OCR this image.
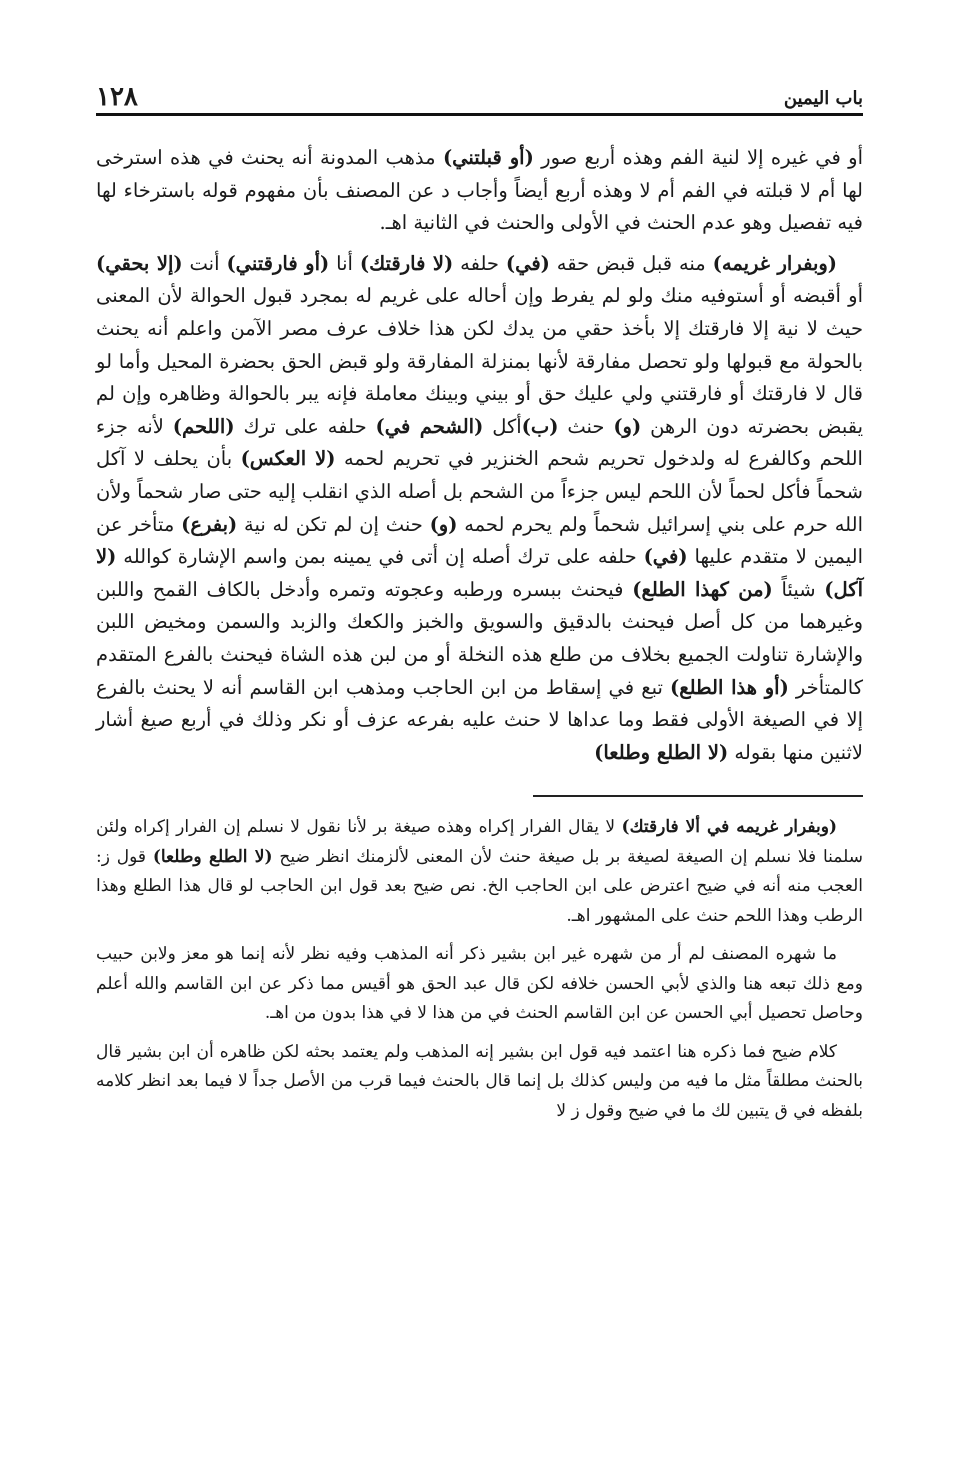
باب اليمين
١٢٨

أو في غيره إلا لنية الفم وهذه أربع صور (أو قبلتني) مذهب المدونة أنه يحنث في هذه استرخى لها أم لا قبلته في الفم أم لا وهذه أربع أيضاً وأجاب د عن المصنف بأن مفهوم قوله باسترخاء لها فيه تفصيل وهو عدم الحنث في الأولى والحنث في الثانية اهـ.

(وبفرار غريمه) منه قبل قبض حقه (في) حلفه (لا فارقتك) أنا (أو فارقتني) أنت (إلا بحقي) أو أقبضه أو أستوفيه منك ولو لم يفرط وإن أحاله على غريم له بمجرد قبول الحوالة لأن المعنى حيث لا نية إلا فارقتك إلا بأخذ حقي من يدك لكن هذا خلاف عرف مصر الآمن واعلم أنه يحنث بالحولة مع قبولها ولو تحصل مفارقة لأنها بمنزلة المفارقة ولو قبض الحق بحضرة المحيل وأما لو قال لا فارقتك أو فارقتني ولي عليك حق أو بيني وبينك معاملة فإنه يبر بالحوالة وظاهره وإن لم يقبض بحضرته دون الرهن (و) حنث (ب)أكل (الشحم في) حلفه على ترك (اللحم) لأنه جزء اللحم وكالفرع له ولدخول تحريم شحم الخنزير في تحريم لحمه (لا العكس) بأن يحلف لا آكل شحماً فأكل لحماً لأن اللحم ليس جزءاً من الشحم بل أصله الذي انقلب إليه حتى صار شحماً ولأن الله حرم على بني إسرائيل شحماً ولم يحرم لحمه (و) حنث إن لم تكن له نية (بفرع) متأخر عن اليمين لا متقدم عليها (في) حلفه على ترك أصله إن أتى في يمينه بمن واسم الإشارة كوالله (لا آكل) شيئاً (من كهذا الطلع) فيحنث ببسره ورطبه وعجوته وتمره وأدخل بالكاف القمح واللبن وغيرهما من كل أصل فيحنث بالدقيق والسويق والخبز والكعك والزبد والسمن ومخيض اللبن والإشارة تناولت الجميع بخلاف من طلع هذه النخلة أو من لبن هذه الشاة فيحنث بالفرع المتقدم كالمتأخر (أو هذا الطلع) تبع في إسقاط من ابن الحاجب ومذهب ابن القاسم أنه لا يحنث بالفرع إلا في الصيغة الأولى فقط وما عداها لا حنث عليه بفرعه عزف أو نكر وذلك في أربع صيغ أشار لاثنين منها بقوله (لا الطلع وطلعا)

(وبفرار غريمه في ألا فارقتك) لا يقال الفرار إكراه وهذه صيغة بر لأنا نقول لا نسلم إن الفرار إكراه ولئن سلمنا فلا نسلم إن الصيغة لصيغة بر بل صيغة حنث لأن المعنى لألزمنك انظر ضيح (لا الطلع وطلعا) قول ز: العجب منه أنه في ضيح اعترض على ابن الحاجب الخ. نص ضيح بعد قول ابن الحاجب لو قال هذا الطلع وهذا الرطب وهذا اللحم حنث على المشهور اهـ.

ما شهره المصنف لم أر من شهره غير ابن بشير ذكر أنه المذهب وفيه نظر لأنه إنما هو معز ولابن حبيب ومع ذلك تبعه هنا والذي لأبي الحسن خلافه لكن قال عبد الحق هو أقيس مما ذكر عن ابن القاسم والله أعلم وحاصل تحصيل أبي الحسن عن ابن القاسم الحنث في من هذا لا في هذا بدون من اهـ.

كلام ضيح فما ذكره هنا اعتمد فيه قول ابن بشير إنه المذهب ولم يعتمد بحثه لكن ظاهره أن ابن بشير قال بالحنث مطلقاً مثل ما فيه من وليس كذلك بل إنما قال بالحنث فيما قرب من الأصل جداً لا فيما بعد انظر كلامه بلفظه في ق يتبين لك ما في ضيح وقول ز لا
